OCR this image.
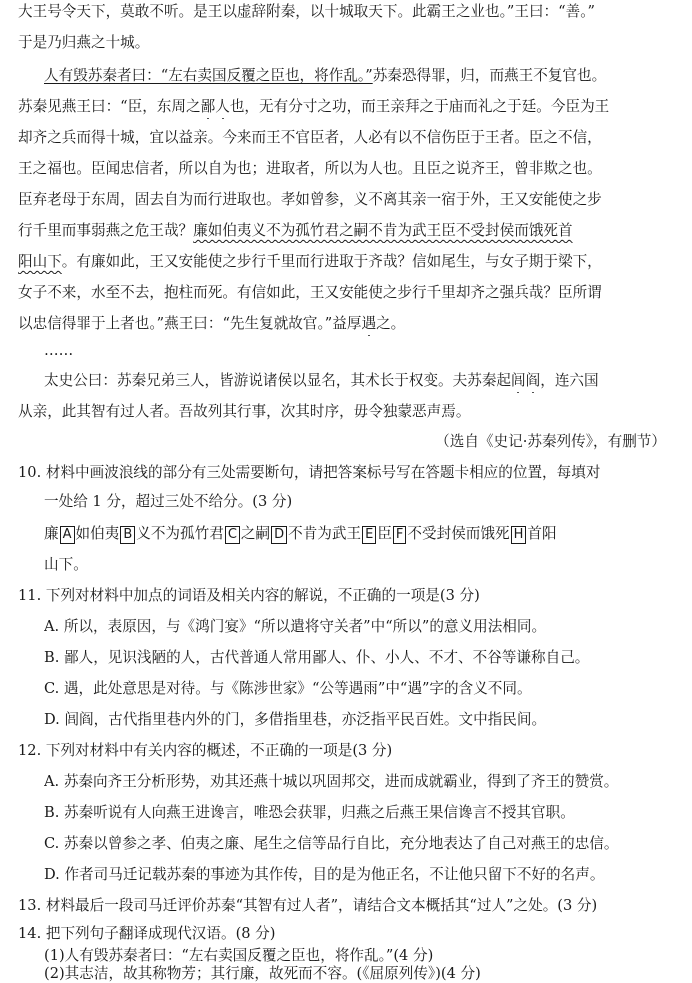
大王号令天下，莫敢不听。是王以虚辞附秦，以十城取天下。此霸王之业也。”王曰：“善。”
于是乃归燕之十城。
人有毁苏秦者曰：“左右卖国反覆之臣也，将作乱。”苏秦恐得罪，归，而燕王不复官也。
苏秦见燕王曰：“臣，东周之鄙人也，无有分寸之功，而王亲拜之于庙而礼之于廷。今臣为王
却齐之兵而得十城，宜以益亲。今来而王不官臣者，人必有以不信伤臣于王者。臣之不信，
王之福也。臣闻忠信者，所以自为也；进取者，所以为人也。且臣之说齐王，曾非欺之也。
臣弃老母于东周，固去自为而行进取也。孝如曾参，义不离其亲一宿于外，王又安能使之步
行千里而事弱燕之危王哉？廉如伯夷义不为孤竹君之嗣不肯为武王臣不受封侯而饿死首
阳山下。有廉如此，王又安能使之步行千里而行进取于齐哉？信如尾生，与女子期于梁下，
女子不来，水至不去，抱柱而死。有信如此，王又安能使之步行千里却齐之强兵哉？臣所谓
以忠信得罪于上者也。”燕王曰：“先生复就故官。”益厚遇之。
……
太史公曰：苏秦兄弟三人，皆游说诸侯以显名，其术长于权变。夫苏秦起闾阎，连六国
从亲，此其智有过人者。吾故列其行事，次其时序，毋令独蒙恶声焉。
（选自《史记·苏秦列传》，有删节）
10. 材料中画波浪线的部分有三处需要断句，请把答案标号写在答题卡相应的位置，每填对
一处给 1 分，超过三处不给分。(3 分)
廉 A 如伯夷 B 义不为孤竹君 C 之嗣 D 不肯为武王 E 臣 F 不受封侯而饿死 H 首阳
山下。
11. 下列对材料中加点的词语及相关内容的解说，不正确的一项是(3 分)
A. 所以，表原因，与《鸿门宴》“所以遣将守关者”中“所以”的意义用法相同。
B. 鄙人，见识浅陋的人，古代普通人常用鄙人、仆、小人、不才、不谷等谦称自己。
C. 遇，此处意思是对待。与《陈涉世家》“公等遇雨”中“遇”字的含义不同。
D. 闾阎，古代指里巷内外的门，多借指里巷，亦泛指平民百姓。文中指民间。
12. 下列对材料中有关内容的概述，不正确的一项是(3 分)
A. 苏秦向齐王分析形势，劝其还燕十城以巩固邦交，进而成就霸业，得到了齐王的赞赏。
B. 苏秦听说有人向燕王进谗言，唯恐会获罪，归燕之后燕王果信谗言不授其官职。
C. 苏秦以曾参之孝、伯夷之廉、尾生之信等品行自比，充分地表达了自己对燕王的忠信。
D. 作者司马迁记载苏秦的事迹为其作传，目的是为他正名，不让他只留下不好的名声。
13. 材料最后一段司马迁评价苏秦“其智有过人者”，请结合文本概括其“过人”之处。(3 分)
14. 把下列句子翻译成现代汉语。(8 分)
(1)人有毁苏秦者曰：“左右卖国反覆之臣也，将作乱。”(4 分)
(2)其志洁，故其称物芳；其行廉，故死而不容。(《屈原列传》)(4 分)
